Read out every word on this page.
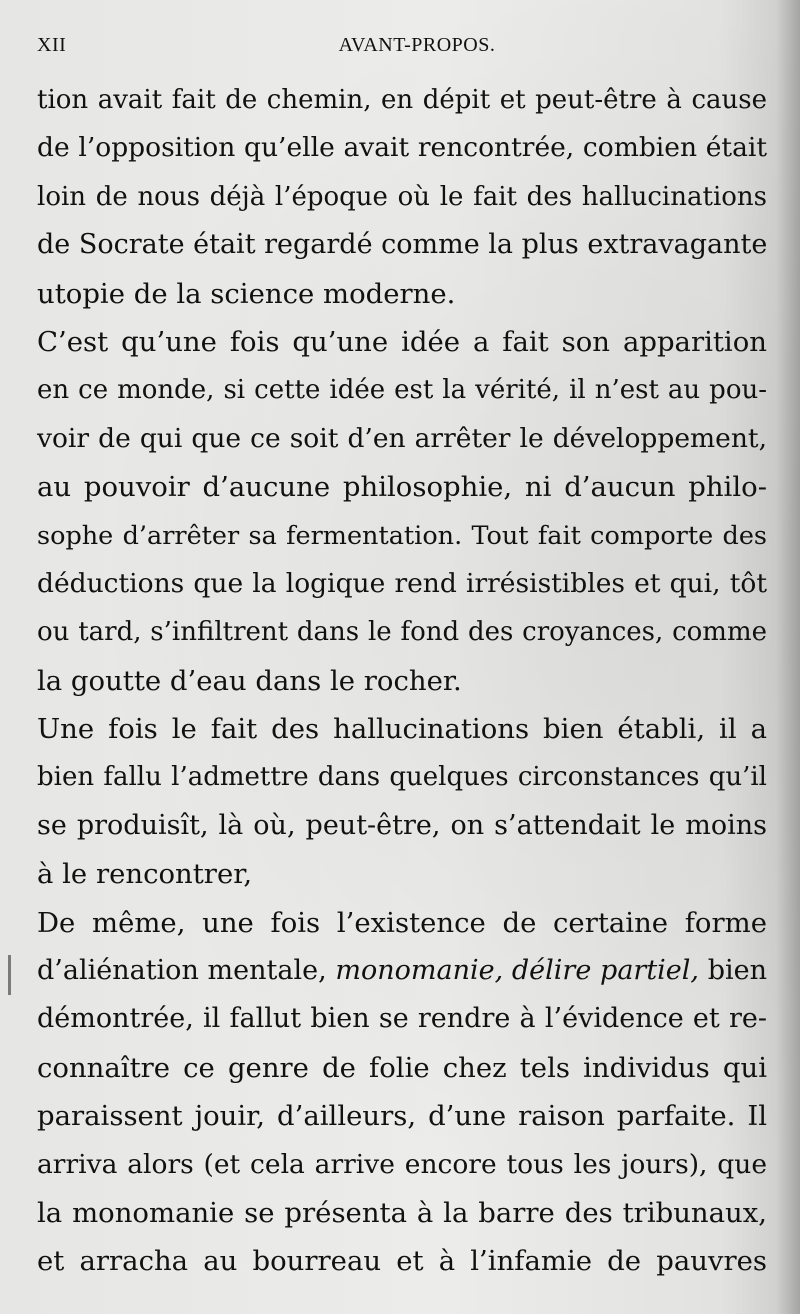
XII	AVANT-PROPOS.
tion avait fait de chemin, en dépit et peut-être à cause
de l’opposition qu’elle avait rencontrée, combien était
loin de nous déjà l’époque où le fait des hallucinations
de Socrate était regardé comme la plus extravagante
utopie de la science moderne.
C’est qu’une fois qu’une idée a fait son apparition
en ce monde, si cette idée est la vérité, il n’est au pou-
voir de qui que ce soit d’en arrêter le développement,
au pouvoir d’aucune philosophie, ni d’aucun philo-
sophe d’arrêter sa fermentation. Tout fait comporte des
déductions que la logique rend irrésistibles et qui, tôt
ou tard, s’infiltrent dans le fond des croyances, comme
la goutte d’eau dans le rocher.
Une fois le fait des hallucinations bien établi, il a
bien fallu l’admettre dans quelques circonstances qu’il
se produisît, là où, peut-être, on s’attendait le moins
à le rencontrer,
De même, une fois l’existence de certaine forme
d’aliénation mentale, monomanie, délire partiel, bien
démontrée, il fallut bien se rendre à l’évidence et re-
connaître ce genre de folie chez tels individus qui
paraissent jouir, d’ailleurs, d’une raison parfaite. Il
arriva alors (et cela arrive encore tous les jours), que
la monomanie se présenta à la barre des tribunaux,
et arracha au bourreau et à l’infamie de pauvres
